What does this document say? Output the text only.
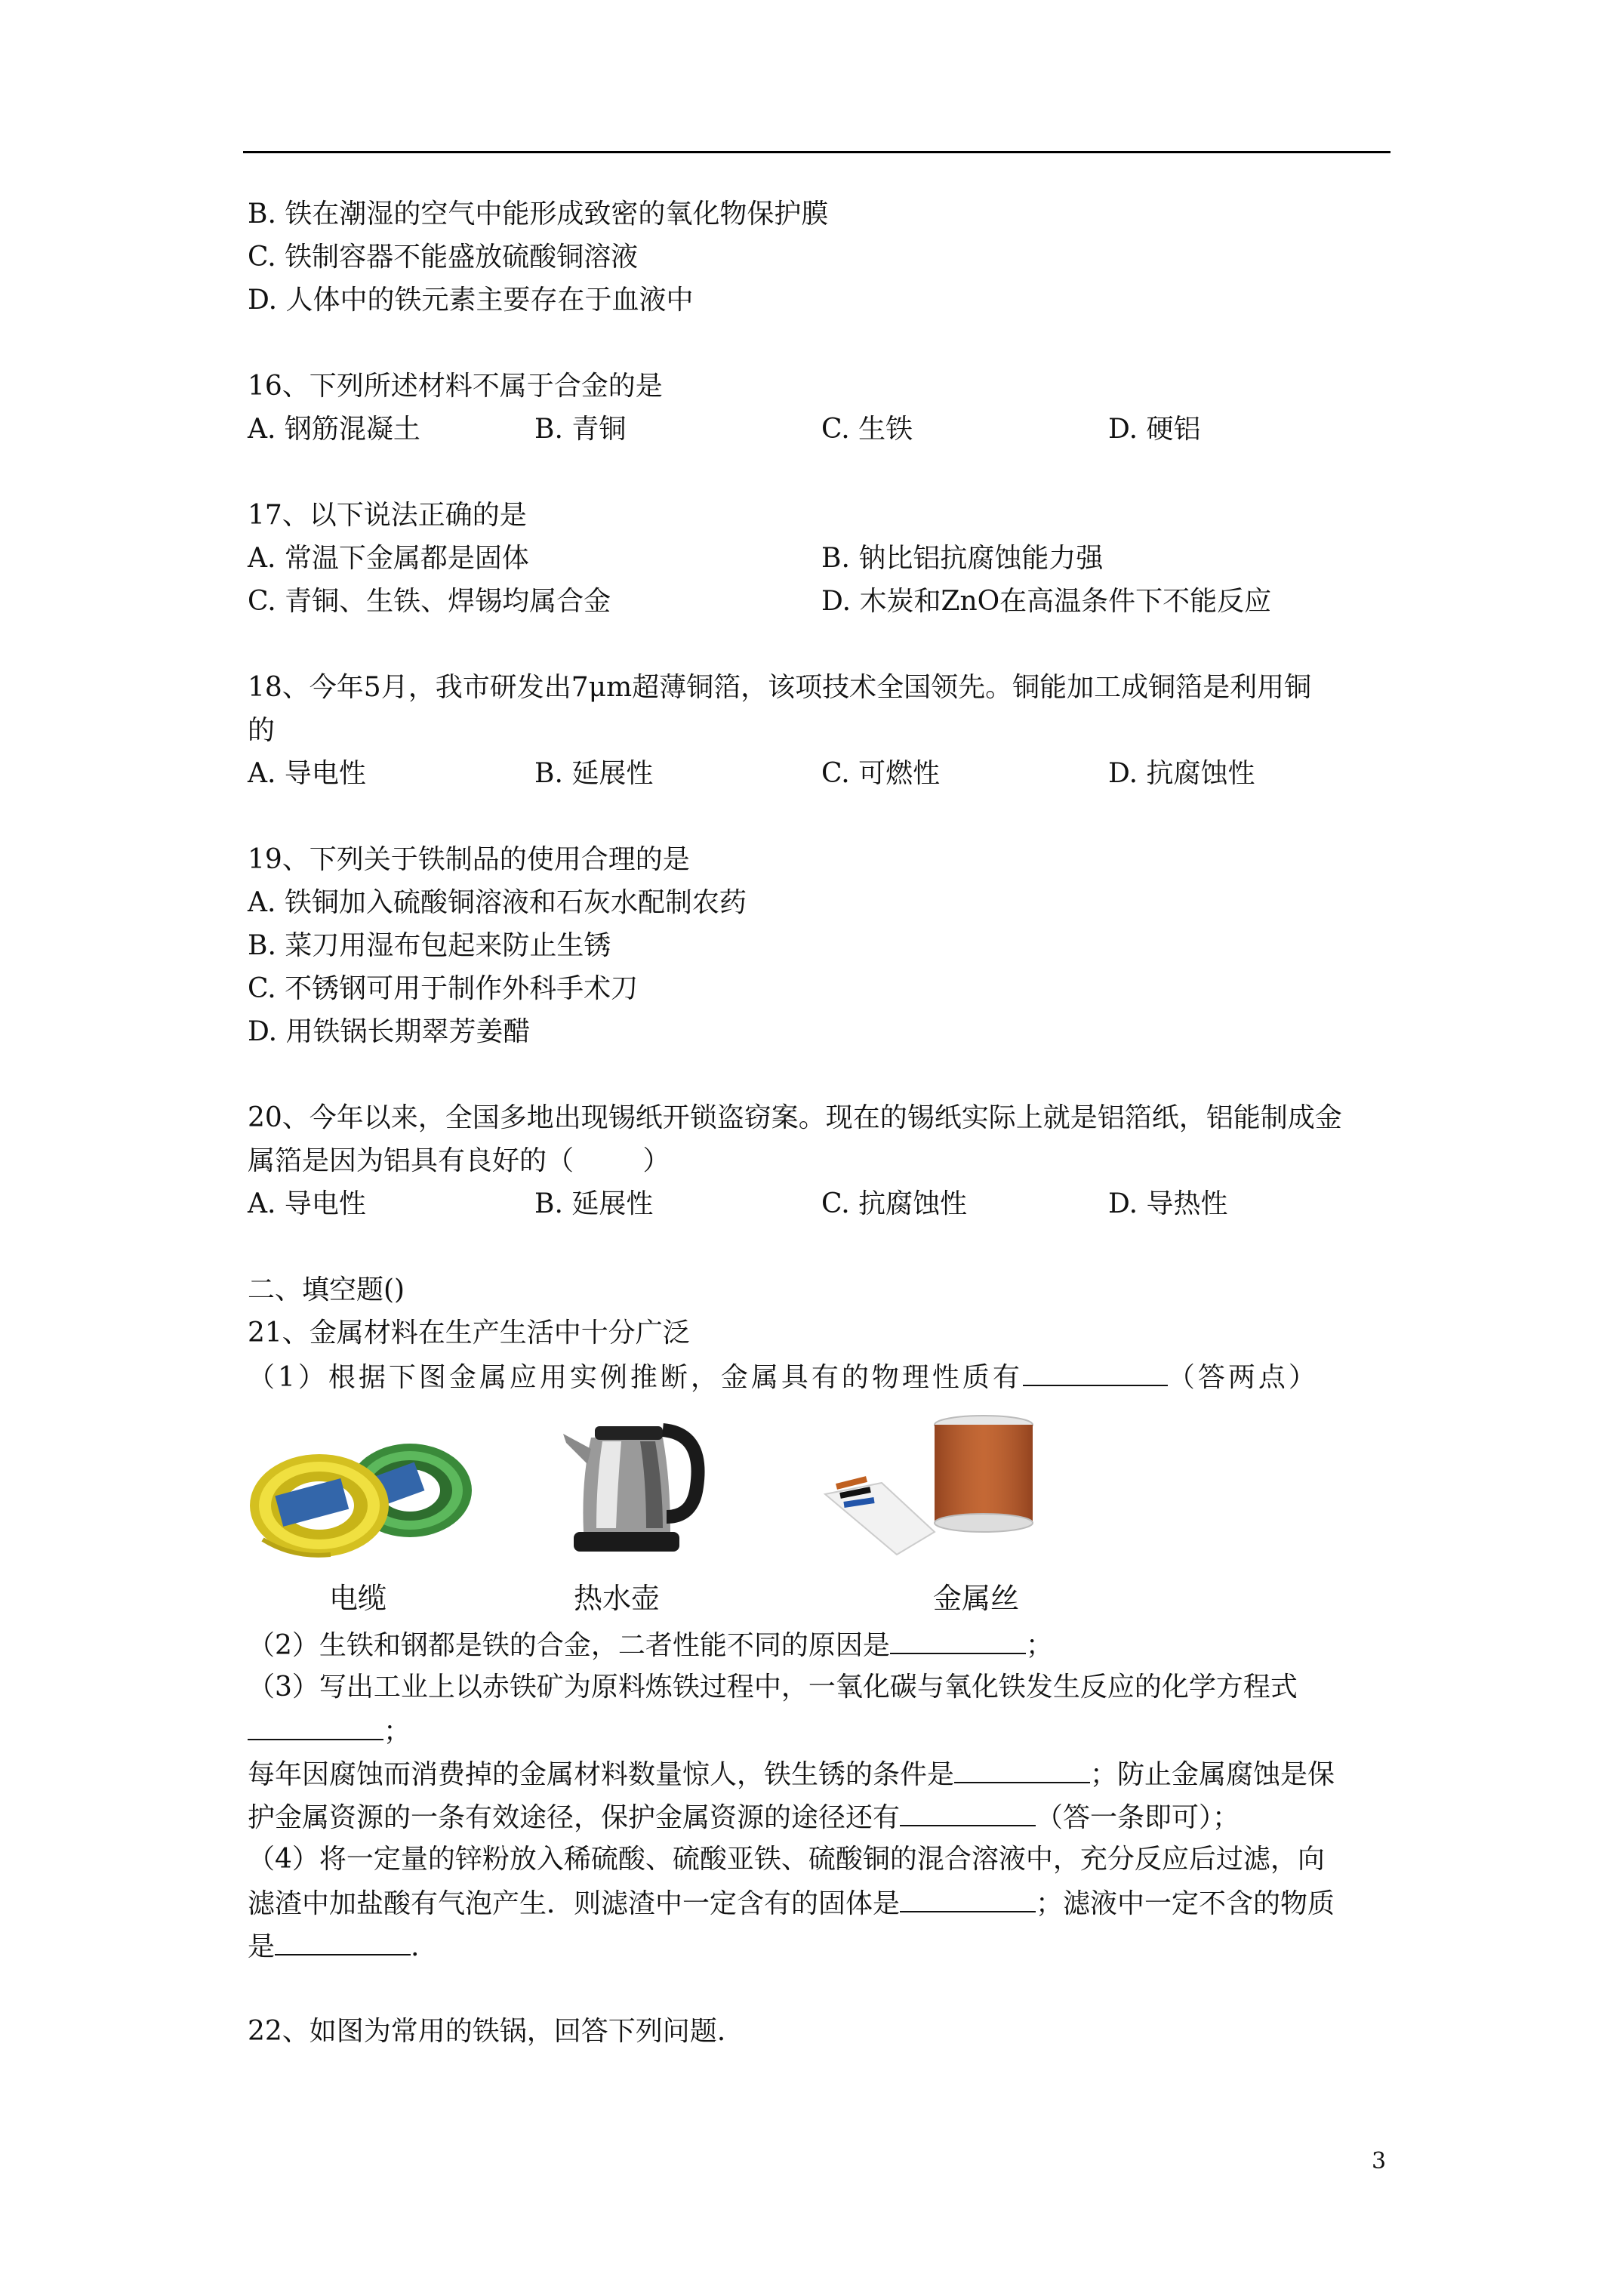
B. 铁在潮湿的空气中能形成致密的氧化物保护膜
C. 铁制容器不能盛放硫酸铜溶液
D. 人体中的铁元素主要存在于血液中
16、下列所述材料不属于合金的是
A. 钢筋混凝土	B. 青铜	C. 生铁	D. 硬铝
17、以下说法正确的是
A. 常温下金属都是固体	B. 钠比铝抗腐蚀能力强
C. 青铜、生铁、焊锡均属合金	D. 木炭和ZnO在高温条件下不能反应
18、今年5月，我市研发出7μm超薄铜箔，该项技术全国领先。铜能加工成铜箔是利用铜
的
A. 导电性	B. 延展性	C. 可燃性	D. 抗腐蚀性
19、下列关于铁制品的使用合理的是
A. 铁铜加入硫酸铜溶液和石灰水配制农药
B. 菜刀用湿布包起来防止生锈
C. 不锈钢可用于制作外科手术刀
D. 用铁锅长期翠芳姜醋
20、今年以来，全国多地出现锡纸开锁盗窃案。现在的锡纸实际上就是铝箔纸，铝能制成金
属箔是因为铝具有良好的（        ）
A. 导电性	B. 延展性	C. 抗腐蚀性	D. 导热性
二、填空题()
21、金属材料在生产生活中十分广泛
（1）根据下图金属应用实例推断，金属具有的物理性质有	（答两点）
电缆	热水壶	金属丝
（2）生铁和钢都是铁的合金，二者性能不同的原因是	；
（3）写出工业上以赤铁矿为原料炼铁过程中，一氧化碳与氧化铁发生反应的化学方程式
；
每年因腐蚀而消费掉的金属材料数量惊人，铁生锈的条件是	；防止金属腐蚀是保
护金属资源的一条有效途径，保护金属资源的途径还有	（答一条即可）；
（4）将一定量的锌粉放入稀硫酸、硫酸亚铁、硫酸铜的混合溶液中，充分反应后过滤，向
滤渣中加盐酸有气泡产生．则滤渣中一定含有的固体是	；滤液中一定不含的物质
是	.
22、如图为常用的铁锅，回答下列问题.
3
